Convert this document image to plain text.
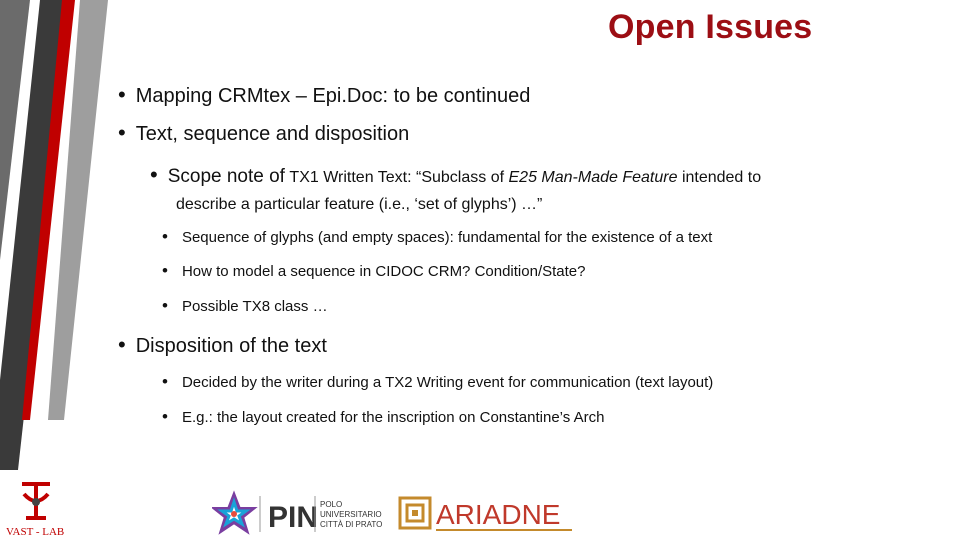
Open Issues
• Mapping CRMtex – Epi.Doc: to be continued
• Text, sequence and disposition
• Scope note of
TX1 Written Text:
“Subclass of
E25 Man-Made Feature
intended to
describe a particular feature (i.e., ‘set of glyphs’) …”
• Sequence of glyphs (and empty spaces): fundamental for the existence of a text
• How to model a sequence in CIDOC CRM? Condition/State?
• Possible TX8 class …
• Disposition of the text
• Decided by the writer during a TX2 Writing event for communication (text layout)
• E.g.: the layout created for the inscription on Constantine’s Arch
VAST - LAB	PIN POLO
UNIVERSITARIO
CITTÀ DI PRATO ARIADNE
